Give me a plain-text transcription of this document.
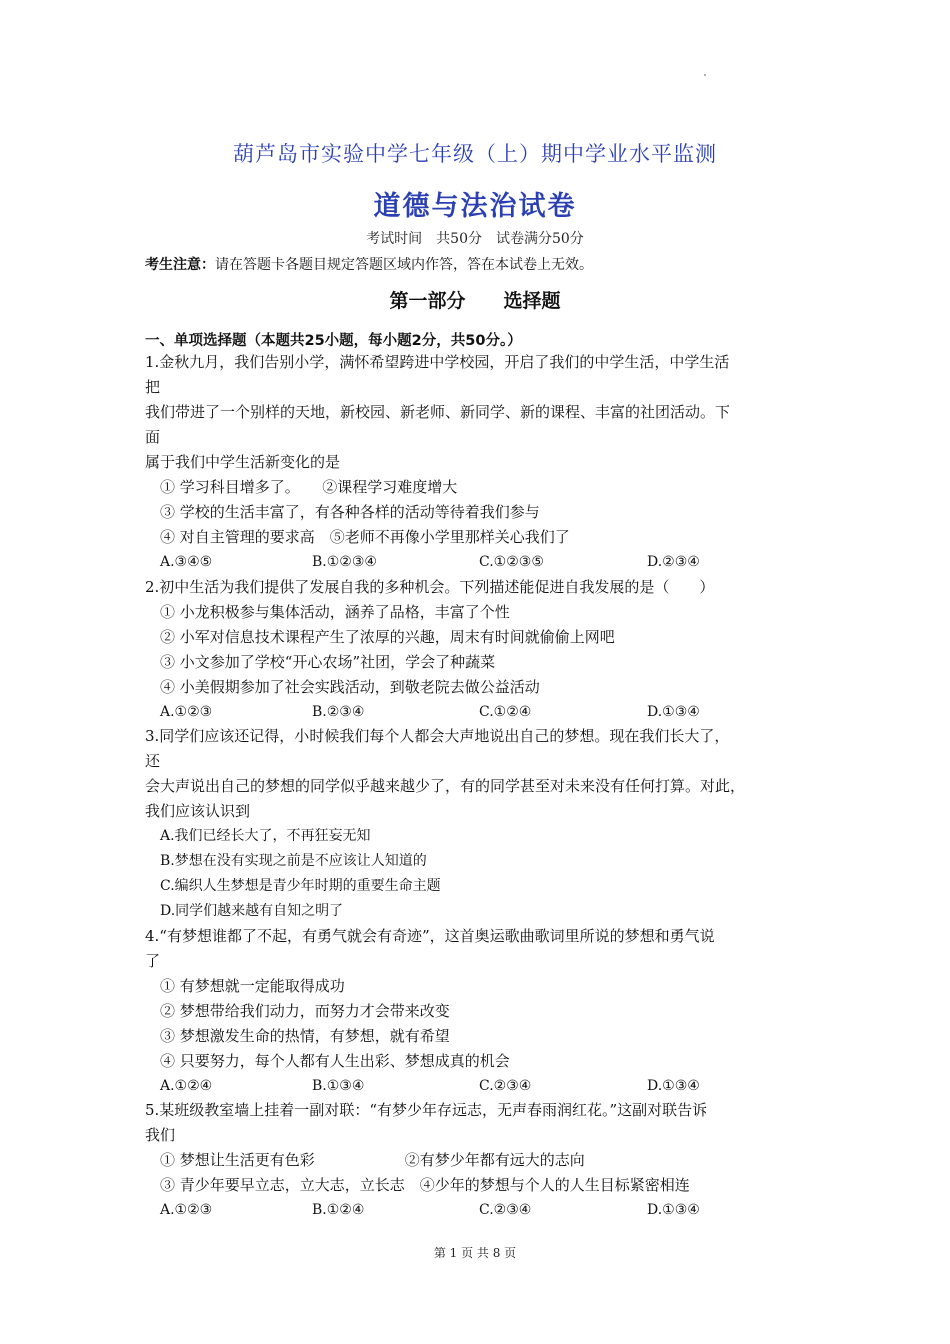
葫芦岛市实验中学七年级（上）期中学业水平监测
道德与法治试卷
考试时间　共50分　试卷满分50分
考生注意：请在答题卡各题目规定答题区域内作答，答在本试卷上无效。
第一部分　　选择题
一、单项选择题（本题共25小题，每小题2分，共50分。）
1.金秋九月，我们告别小学，满怀希望跨进中学校园，开启了我们的中学生活，中学生活
把
我们带进了一个别样的天地，新校园、新老师、新同学、新的课程、丰富的社团活动。下
面
属于我们中学生活新变化的是
① 学习科目增多了。　　②课程学习难度增大
③ 学校的生活丰富了，有各种各样的活动等待着我们参与
④ 对自主管理的要求高　⑤老师不再像小学里那样关心我们了
A.③④⑤	B.①②③④	C.①②③⑤	D.②③④
2.初中生活为我们提供了发展自我的多种机会。下列描述能促进自我发展的是（　　）
① 小龙积极参与集体活动，涵养了品格，丰富了个性
② 小军对信息技术课程产生了浓厚的兴趣，周末有时间就偷偷上网吧
③ 小文参加了学校“开心农场”社团，学会了种蔬菜
④ 小美假期参加了社会实践活动，到敬老院去做公益活动
A.①②③	B.②③④	C.①②④	D.①③④
3.同学们应该还记得，小时候我们每个人都会大声地说出自己的梦想。现在我们长大了，
还
会大声说出自己的梦想的同学似乎越来越少了，有的同学甚至对未来没有任何打算。对此，
我们应该认识到
A.我们已经长大了，不再狂妄无知
B.梦想在没有实现之前是不应该让人知道的
C.编织人生梦想是青少年时期的重要生命主题
D.同学们越来越有自知之明了
4.“有梦想谁都了不起，有勇气就会有奇迹”，这首奥运歌曲歌词里所说的梦想和勇气说
了
① 有梦想就一定能取得成功
② 梦想带给我们动力，而努力才会带来改变
③ 梦想激发生命的热情，有梦想，就有希望
④ 只要努力，每个人都有人生出彩、梦想成真的机会
A.①②④	B.①③④	C.②③④	D.①③④
5.某班级教室墙上挂着一副对联：“有梦少年存远志，无声春雨润红花。”这副对联告诉
我们
① 梦想让生活更有色彩　　　　　　②有梦少年都有远大的志向
③ 青少年要早立志，立大志，立长志　④少年的梦想与个人的人生目标紧密相连
A.①②③	B.①②④	C.②③④	D.①③④
第 1 页 共 8 页
